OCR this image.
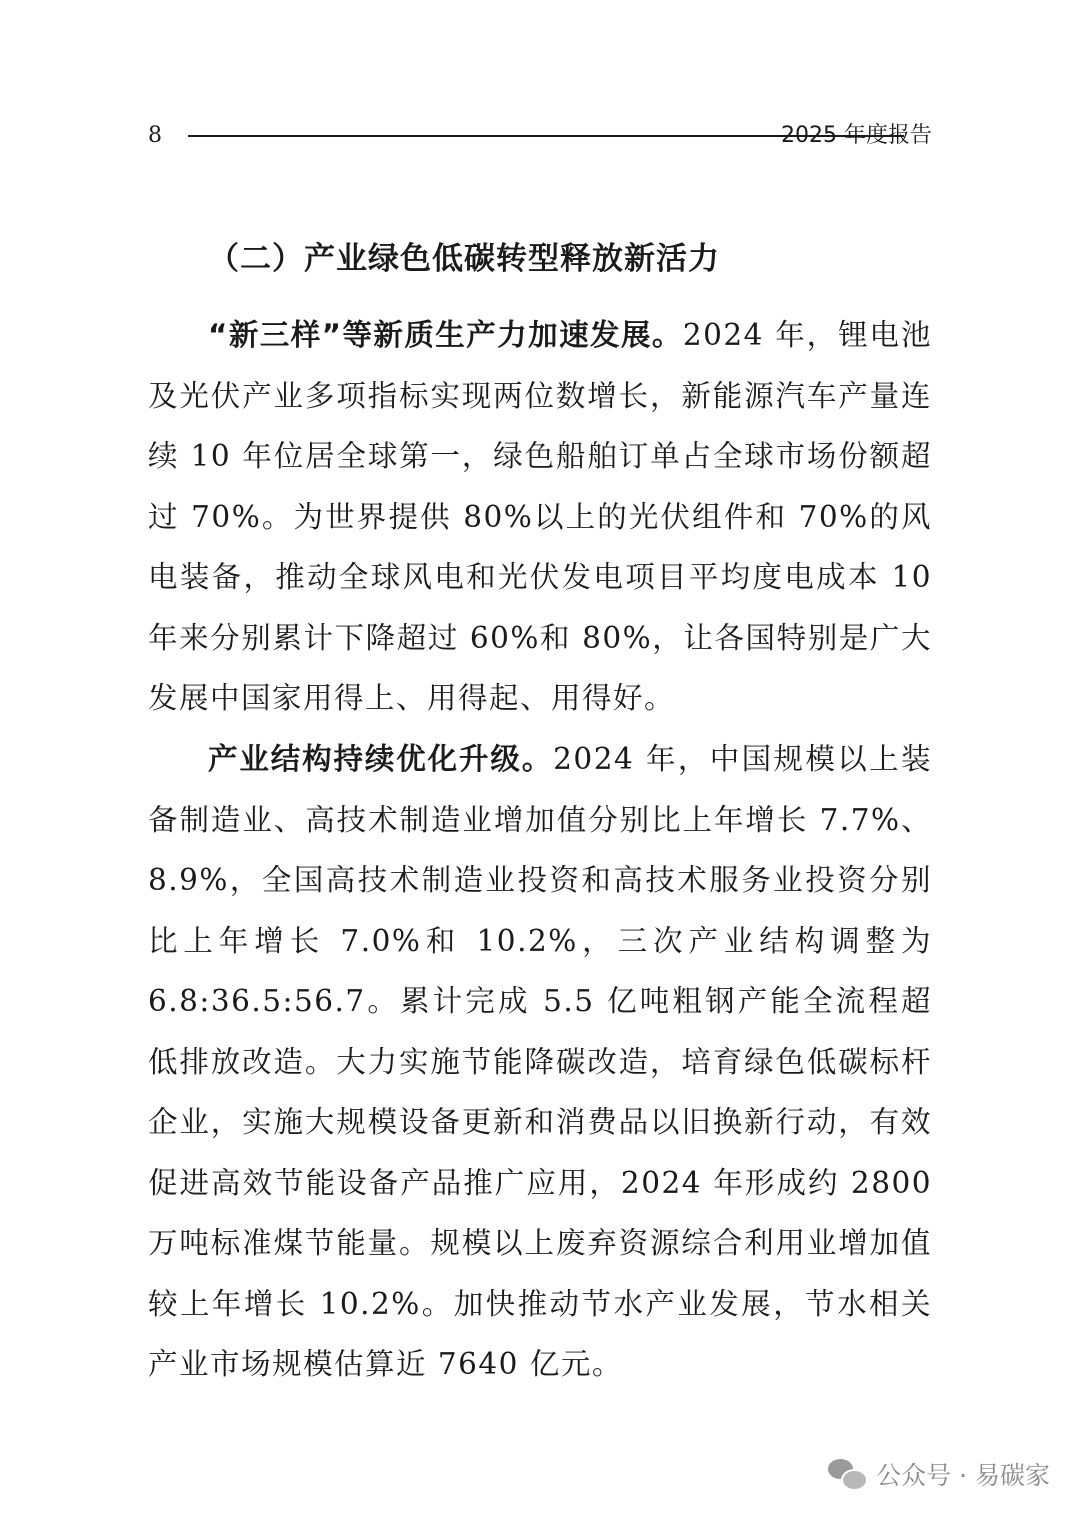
8	2025 年度报告
（二）产业绿色低碳转型释放新活力

“新三样”等新质生产力加速发展。2024 年，锂电池及光伏产业多项指标实现两位数增长，新能源汽车产量连续 10 年位居全球第一，绿色船舶订单占全球市场份额超过 70%。为世界提供 80%以上的光伏组件和 70%的风电装备，推动全球风电和光伏发电项目平均度电成本 10 年来分别累计下降超过 60%和 80%，让各国特别是广大发展中国家用得上、用得起、用得好。

产业结构持续优化升级。2024 年，中国规模以上装备制造业、高技术制造业增加值分别比上年增长 7.7%、8.9%，全国高技术制造业投资和高技术服务业投资分别比上年增长 7.0%和 10.2%，三次产业结构调整为 6.8:36.5:56.7。累计完成 5.5 亿吨粗钢产能全流程超低排放改造。大力实施节能降碳改造，培育绿色低碳标杆企业，实施大规模设备更新和消费品以旧换新行动，有效促进高效节能设备产品推广应用，2024 年形成约 2800 万吨标准煤节能量。规模以上废弃资源综合利用业增加值较上年增长 10.2%。加快推动节水产业发展，节水相关产业市场规模估算近 7640 亿元。

公众号 · 易碳家
